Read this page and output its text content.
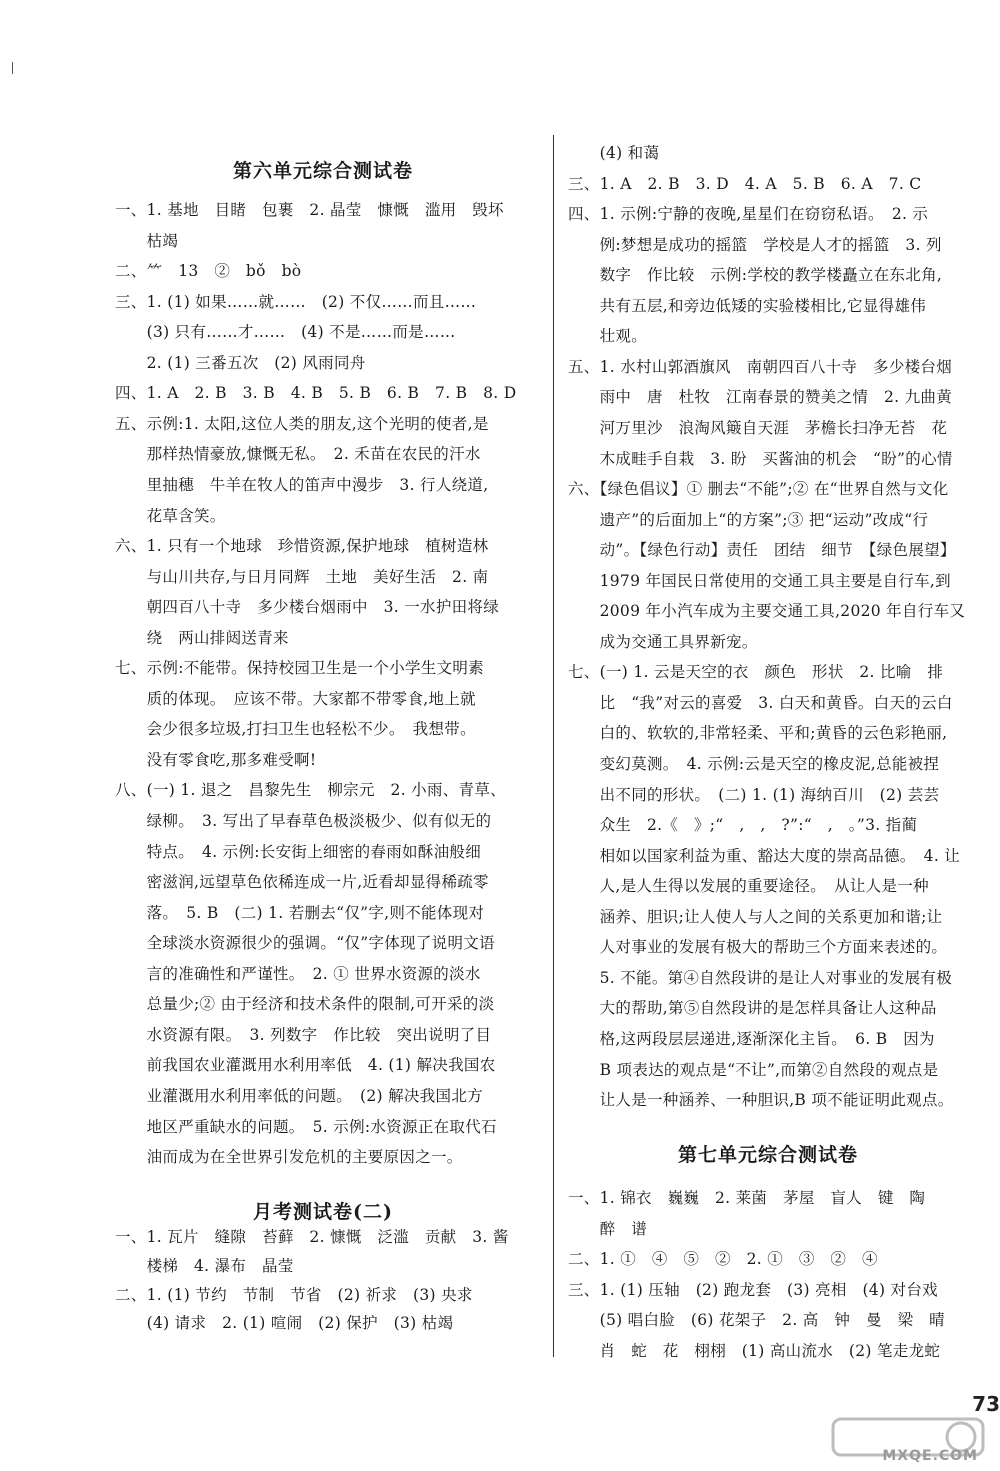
第六单元综合测试卷
一、1. 基地　目睹　包裹　2. 晶莹　慷慨　滥用　毁坏
　　枯竭
二、⺮　13　②　bǒ　bò
三、1. (1) 如果……就……　(2) 不仅……而且……
　　(3) 只有……才……　(4) 不是……而是……
　　2. (1) 三番五次　(2) 风雨同舟
四、1. A　2. B　3. B　4. B　5. B　6. B　7. B　8. D
五、示例:1. 太阳,这位人类的朋友,这个光明的使者,是
　　那样热情豪放,慷慨无私。　2. 禾苗在农民的汗水
　　里抽穗　牛羊在牧人的笛声中漫步　3. 行人绕道,
　　花草含笑。
六、1. 只有一个地球　珍惜资源,保护地球　植树造林
　　与山川共存,与日月同辉　土地　美好生活　2. 南
　　朝四百八十寺　多少楼台烟雨中　3. 一水护田将绿
　　绕　两山排闼送青来
七、示例:不能带。保持校园卫生是一个小学生文明素
　　质的体现。　应该不带。大家都不带零食,地上就
　　会少很多垃圾,打扫卫生也轻松不少。　我想带。
　　没有零食吃,那多难受啊!
八、(一) 1. 退之　昌黎先生　柳宗元　2. 小雨、青草、
　　绿柳。　3. 写出了早春草色极淡极少、似有似无的
　　特点。　4. 示例:长安街上细密的春雨如酥油般细
　　密滋润,远望草色依稀连成一片,近看却显得稀疏零
　　落。　5. B　(二) 1. 若删去“仅”字,则不能体现对
　　全球淡水资源很少的强调。“仅”字体现了说明文语
　　言的准确性和严谨性。　2. ① 世界水资源的淡水
　　总量少;② 由于经济和技术条件的限制,可开采的淡
　　水资源有限。　3. 列数字　作比较　突出说明了目
　　前我国农业灌溉用水利用率低　4. (1) 解决我国农
　　业灌溉用水利用率低的问题。　(2) 解决我国北方
　　地区严重缺水的问题。　5. 示例:水资源正在取代石
　　油而成为在全世界引发危机的主要原因之一。
月考测试卷(二)
一、1. 瓦片　缝隙　苔藓　2. 慷慨　泛滥　贡献　3. 酱
　　楼梯　4. 瀑布　晶莹
二、1. (1) 节约　节制　节省　(2) 祈求　(3) 央求
　　(4) 请求　2. (1) 喧闹　(2) 保护　(3) 枯竭
　　(4) 和蔼
三、1. A　2. B　3. D　4. A　5. B　6. A　7. C
四、1. 示例:宁静的夜晚,星星们在窃窃私语。　2. 示
　　例:梦想是成功的摇篮　学校是人才的摇篮　3. 列
　　数字　作比较　示例:学校的教学楼矗立在东北角,
　　共有五层,和旁边低矮的实验楼相比,它显得雄伟
　　壮观。
五、1. 水村山郭酒旗风　南朝四百八十寺　多少楼台烟
　　雨中　唐　杜牧　江南春景的赞美之情　2. 九曲黄
　　河万里沙　浪淘风簸自天涯　茅檐长扫净无苔　花
　　木成畦手自栽　3. 盼　买酱油的机会　“盼”的心情
六、【绿色倡议】① 删去“不能”;② 在“世界自然与文化
　　遗产”的后面加上“的方案”;③ 把“运动”改成“行
　　动”。【绿色行动】责任　团结　细节　【绿色展望】
　　1979 年国民日常使用的交通工具主要是自行车,到
　　2009 年小汽车成为主要交通工具,2020 年自行车又
　　成为交通工具界新宠。
七、(一) 1. 云是天空的衣　颜色　形状　2. 比喻　排
　　比　“我”对云的喜爱　3. 白天和黄昏。白天的云白
　　白的、软软的,非常轻柔、平和;黄昏的云色彩艳丽,
　　变幻莫测。　4. 示例:云是天空的橡皮泥,总能被捏
　　出不同的形状。　(二) 1. (1) 海纳百川　(2) 芸芸
　　众生　2.《　》;“　,　,　?”:“　,　。”3. 指蔺
　　相如以国家利益为重、豁达大度的崇高品德。　4. 让
　　人,是人生得以发展的重要途径。　从让人是一种
　　涵养、胆识;让人使人与人之间的关系更加和谐;让
　　人对事业的发展有极大的帮助三个方面来表述的。
　　5. 不能。第④自然段讲的是让人对事业的发展有极
　　大的帮助,第⑤自然段讲的是怎样具备让人这种品
　　格,这两段层层递进,逐渐深化主旨。　6. B　因为
　　B 项表达的观点是“不让”,而第②自然段的观点是
　　让人是一种涵养、一种胆识,B 项不能证明此观点。
第七单元综合测试卷
一、1. 锦衣　巍巍　2. 莱菌　茅屋　盲人　键　陶
　　醉　谱
二、1. ①　④　⑤　②　2. ①　③　②　④
三、1. (1) 压轴　(2) 跑龙套　(3) 亮相　(4) 对台戏
　　(5) 唱白脸　(6) 花架子　2. 高　钟　曼　梁　晴
　　肖　蛇　花　栩栩　(1) 高山流水　(2) 笔走龙蛇
MXQE.COM
73
